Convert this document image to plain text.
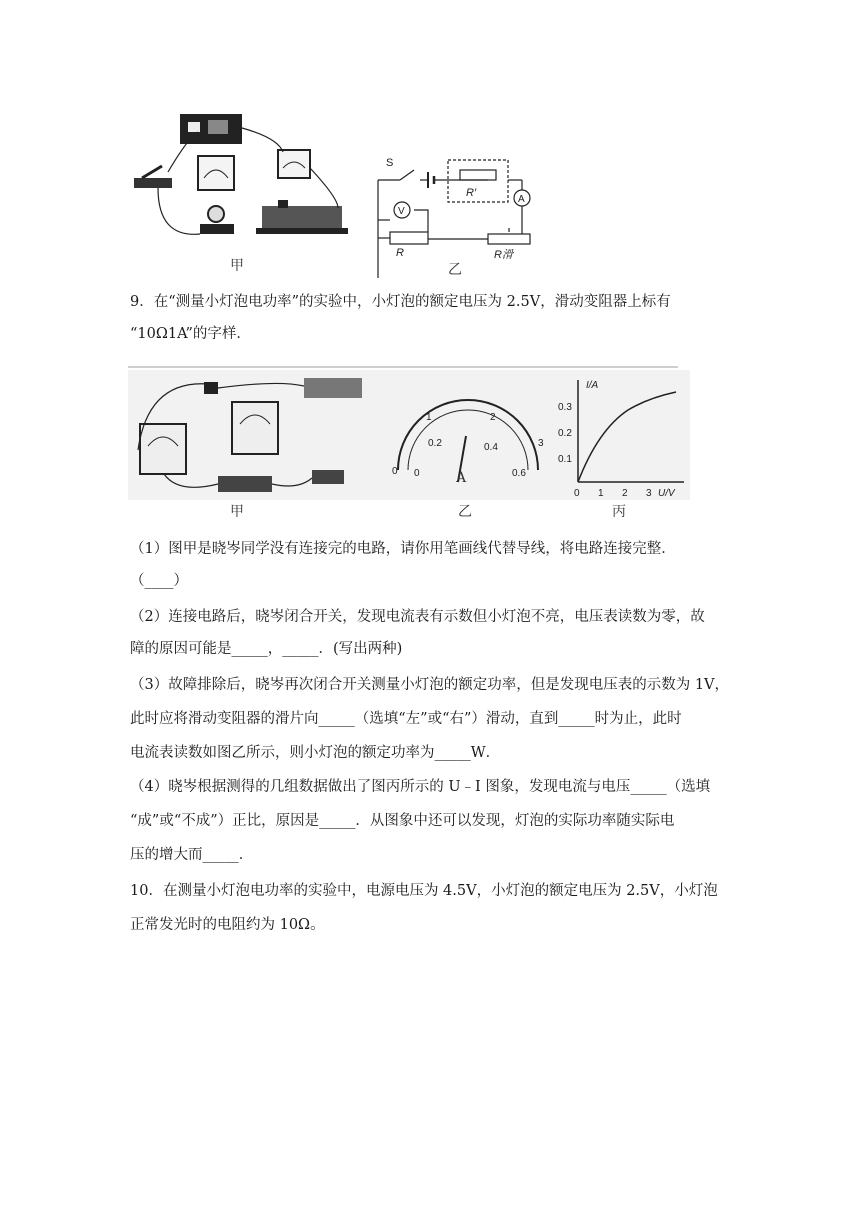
甲
S
R′
A
V
R	R滑
乙
9．在“测量小灯泡电功率”的实验中，小灯泡的额定电压为 2.5V，滑动变阻器上标有
“10Ω1A”的字样．
甲
0
1	2
3
0
0.2	0.4
0.6
A
乙
I/A
U/V
0.1
0.2
0.3
0 1 2 3
丙
（1）图甲是晓岑同学没有连接完的电路，请你用笔画线代替导线，将电路连接完整．
（____）
（2）连接电路后，晓岑闭合开关，发现电流表有示数但小灯泡不亮，电压表读数为零，故
障的原因可能是_____，_____．(写出两种)
（3）故障排除后，晓岑再次闭合开关测量小灯泡的额定功率，但是发现电压表的示数为 1V，
此时应将滑动变阻器的滑片向_____（选填“左”或“右”）滑动，直到_____时为止，此时
电流表读数如图乙所示，则小灯泡的额定功率为_____W．
（4）晓岑根据测得的几组数据做出了图丙所示的 U﹣I 图象，发现电流与电压_____（选填
“成”或“不成”）正比，原因是_____．从图象中还可以发现，灯泡的实际功率随实际电
压的增大而_____．
10．在测量小灯泡电功率的实验中，电源电压为 4.5V，小灯泡的额定电压为 2.5V，小灯泡
正常发光时的电阻约为 10Ω。
